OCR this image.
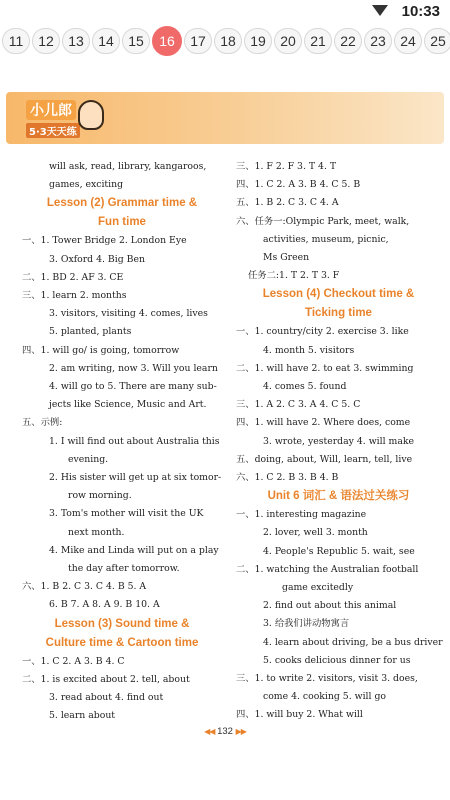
10:33
11	12	13	14	15	16	17	18	19	20	21	22	23	24	25
小儿郎
5·3天天练

will ask, read, library, kangaroos,

games, exciting

Lesson (2) Grammar time &

Fun time

一、1. Tower Bridge 2. London Eye

3. Oxford 4. Big Ben

二、1. BD 2. AF 3. CE

三、1. learn 2. months

3. visitors, visiting 4. comes, lives

5. planted, plants

四、1. will go/ is going, tomorrow

2. am writing, now 3. Will you learn

4. will go to 5. There are many sub-

jects like Science, Music and Art.

五、示例:

1. I will find out about Australia this

evening.

2. His sister will get up at six tomor-

row morning.

3. Tom's mother will visit the UK

next month.

4. Mike and Linda will put on a play

the day after tomorrow.

六、1. B 2. C 3. C 4. B 5. A

6. B 7. A 8. A 9. B 10. A

Lesson (3) Sound time &

Culture time & Cartoon time

一、1. C 2. A 3. B 4. C

二、1. is excited about 2. tell, about

3. read about 4. find out

5. learn about

三、1. F 2. F 3. T 4. T

四、1. C 2. A 3. B 4. C 5. B

五、1. B 2. C 3. C 4. A

六、任务一:Olympic Park, meet, walk,

activities, museum, picnic,

Ms Green

任务二:1. T 2. T 3. F

Lesson (4) Checkout time &

Ticking time

一、1. country/city 2. exercise 3. like

4. month 5. visitors

二、1. will have 2. to eat 3. swimming

4. comes 5. found

三、1. A 2. C 3. A 4. C 5. C

四、1. will have 2. Where does, come

3. wrote, yesterday 4. will make

五、doing, about, Will, learn, tell, live

六、1. C 2. B 3. B 4. B

Unit 6 词汇 & 语法过关练习

一、1. interesting magazine

2. lover, well 3. month

4. People's Republic 5. wait, see

二、1. watching the Australian football

game excitedly

2. find out about this animal

3. 给我们讲动物寓言

4. learn about driving, be a bus driver

5. cooks delicious dinner for us

三、1. to write 2. visitors, visit 3. does,

come 4. cooking 5. will go

四、1. will buy 2. What will

◀◀ 132 ▶▶
